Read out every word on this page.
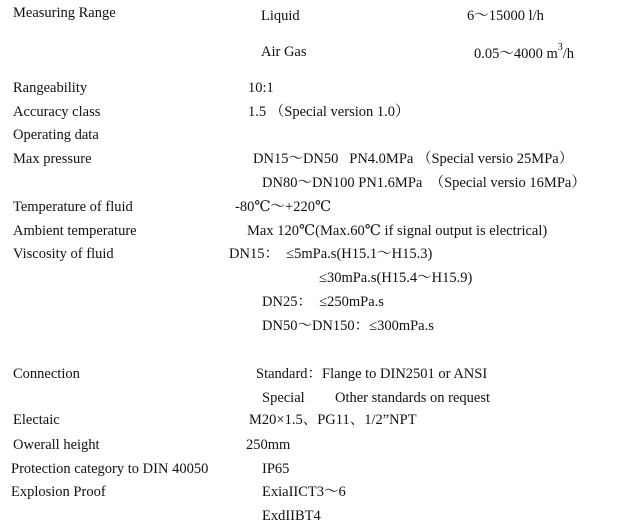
Measuring Range	Liquid	6～15000 l/h
Air Gas	0.05～4000 $m^3/h$
Rangeability	10:1
Accuracy class	1.5 （Special version 1.0）
Operating data
Max pressure	DN15～DN50   PN4.0MPa （Special versio 25MPa）
DN80～DN100 PN1.6MPa  （Special versio 16MPa）
Temperature of fluid	-80℃～+220℃
Ambient temperature	Max 120℃(Max.60℃ if signal output is electrical)
Viscosity of fluid	DN15：  ≤5mPa.s(H15.1～H15.3)
≤30mPa.s(H15.4～H15.9)
DN25：  ≤250mPa.s
DN50～DN150：≤300mPa.s
Connection	Standard：Flange to DIN2501 or ANSI
Special Other standards on request
Electaic	M20×1.5、PG11、1/2”NPT
Owerall height	250mm
Protection category to DIN 40050	IP65
Explosion Proof	ExiaIICT3～6
ExdIIBT4
